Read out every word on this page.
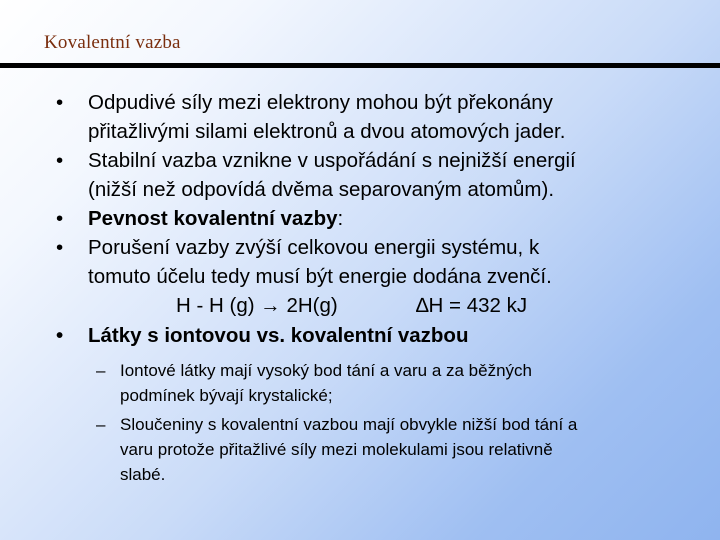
Kovalentní vazba
• Odpudivé síly mezi elektrony mohou být překonány
přitažlivými silami elektronů a dvou atomových jader.
• Stabilní vazba vznikne v uspořádání s nejnižší energií
(nižší než odpovídá dvěma separovaným atomům).
• Pevnost kovalentní vazby:
• Porušení vazby zvýší celkovou energii systému, k
tomuto účelu tedy musí být energie dodána zvenčí.
H - H (g) → 2H(g)	∆H = 432 kJ
• Látky s iontovou vs. kovalentní vazbou
– Iontové látky mají vysoký bod tání a varu a za běžných
podmínek bývají krystalické;
– Sloučeniny s kovalentní vazbou mají obvykle nižší bod tání a
varu protože přitažlivé síly mezi molekulami jsou relativně
slabé.
